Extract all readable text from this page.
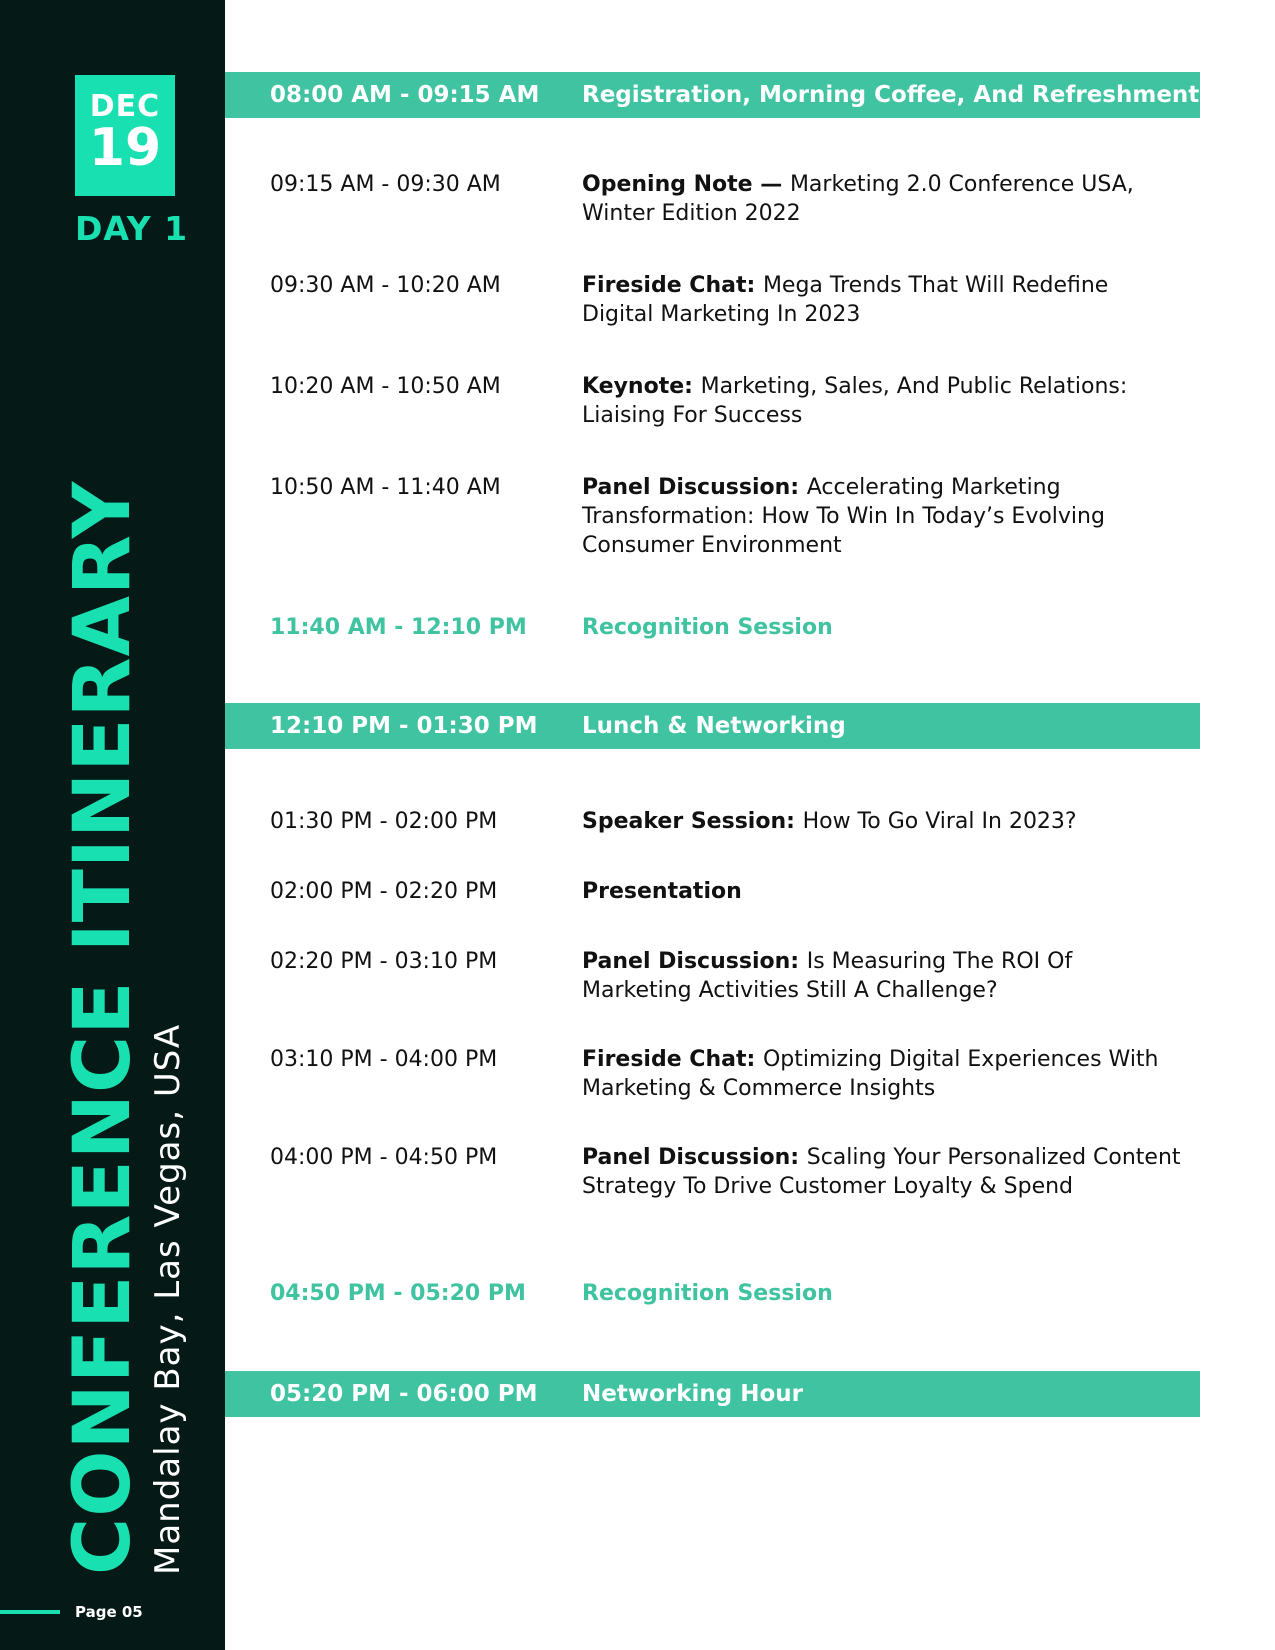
DEC
19
DAY 1
CONFERENCE ITINERARY Mandalay Bay, Las Vegas, USA
Page 05
08:00 AM - 09:15 AM Registration, Morning Coffee, And Refreshments
09:15 AM - 09:30 AM	Opening Note — Marketing 2.0 Conference USA, Winter Edition 2022
09:30 AM - 10:20 AM	Fireside Chat: Mega Trends That Will Redefine Digital Marketing In 2023
10:20 AM - 10:50 AM	Keynote: Marketing, Sales, And Public Relations: Liaising For Success
10:50 AM - 11:40 AM	Panel Discussion: Accelerating Marketing Transformation: How To Win In Today’s Evolving Consumer Environment
11:40 AM - 12:10 PM	Recognition Session
12:10 PM - 01:30 PM Lunch & Networking
01:30 PM - 02:00 PM	Speaker Session: How To Go Viral In 2023?
02:00 PM - 02:20 PM	Presentation
02:20 PM - 03:10 PM	Panel Discussion: Is Measuring The ROI Of Marketing Activities Still A Challenge?
03:10 PM - 04:00 PM	Fireside Chat: Optimizing Digital Experiences With Marketing & Commerce Insights
04:00 PM - 04:50 PM	Panel Discussion: Scaling Your Personalized Content Strategy To Drive Customer Loyalty & Spend
04:50 PM - 05:20 PM	Recognition Session
05:20 PM - 06:00 PM Networking Hour
